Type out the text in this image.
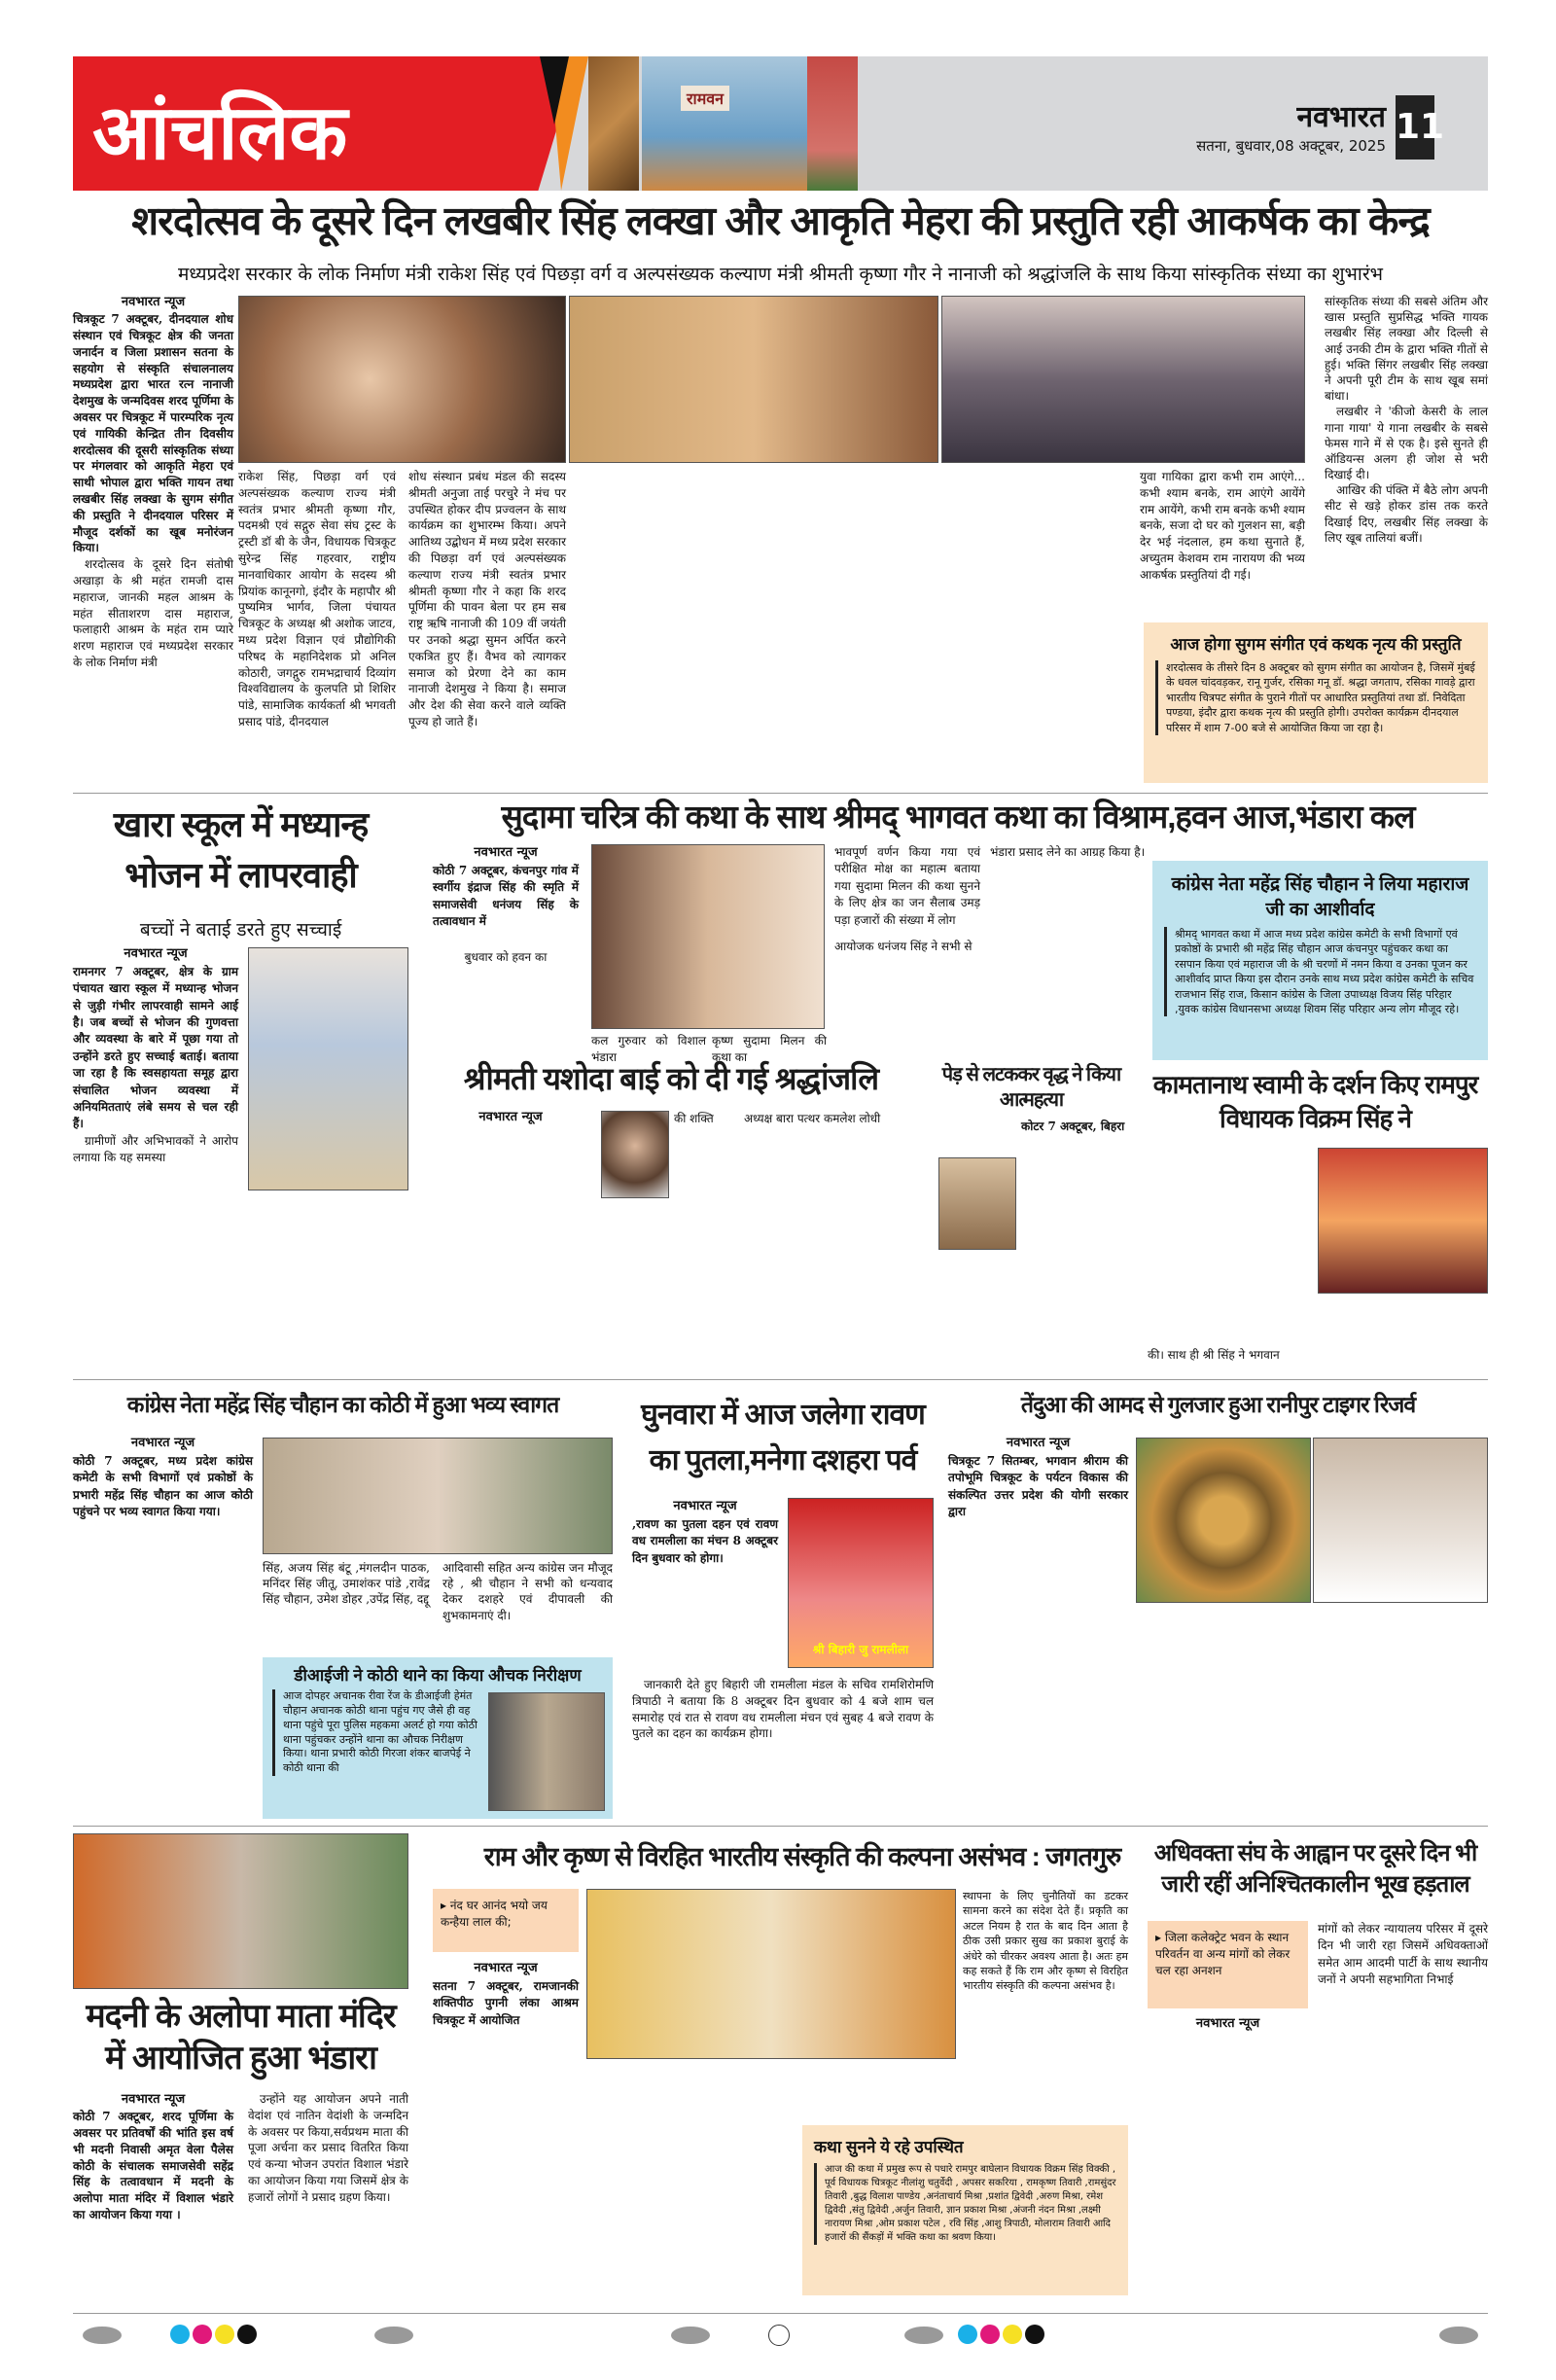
आंचलिक	रामवन
नवभारत
सतना, बुधवार,08 अक्टूबर, 2025 11
शरदोत्सव के दूसरे दिन लखबीर सिंह लक्खा और आकृति मेहरा की प्रस्तुति रही आकर्षक का केन्द्र
मध्यप्रदेश सरकार के लोक निर्माण मंत्री राकेश सिंह एवं पिछड़ा वर्ग व अल्पसंख्यक कल्याण मंत्री श्रीमती कृष्णा गौर ने नानाजी को श्रद्धांजलि के साथ किया सांस्कृतिक संध्या का शुभारंभ
नवभारत न्यूज

चित्रकूट 7 अक्टूबर, दीनदयाल शोध संस्थान एवं चित्रकूट क्षेत्र की जनता जनार्दन व जिला प्रशासन सतना के सहयोग से संस्कृति संचालनालय मध्यप्रदेश द्वारा भारत रत्न नानाजी देशमुख के जन्मदिवस शरद पूर्णिमा के अवसर पर चित्रकूट में पारम्परिक नृत्य एवं गायिकी केन्द्रित तीन दिवसीय शरदोत्सव की दूसरी सांस्कृतिक संध्या पर मंगलवार को आकृति मेहरा एवं साथी भोपाल द्वारा भक्ति गायन तथा लखबीर सिंह लक्खा के सुगम संगीत की प्रस्तुति ने दीनदयाल परिसर में मौजूद दर्शकों का खूब मनोरंजन किया।

शरदोत्सव के दूसरे दिन संतोषी अखाड़ा के श्री महंत रामजी दास महाराज, जानकी महल आश्रम के महंत सीताशरण दास महाराज, फलाहारी आश्रम के महंत राम प्यारे शरण महाराज एवं मध्यप्रदेश सरकार के लोक निर्माण मंत्री

राकेश सिंह, पिछड़ा वर्ग एवं अल्पसंख्यक कल्याण राज्य मंत्री स्वतंत्र प्रभार श्रीमती कृष्णा गौर, पदमश्री एवं सद्गुरु सेवा संघ ट्रस्ट के ट्रस्टी डॉ बी के जैन, विधायक चित्रकूट सुरेन्द्र सिंह गहरवार, राष्ट्रीय मानवाधिकार आयोग के सदस्य श्री प्रियांक कानूनगो, इंदौर के महापौर श्री पुष्यमित्र भार्गव, जिला पंचायत चित्रकूट के अध्यक्ष श्री अशोक जाटव, मध्य प्रदेश विज्ञान एवं प्रौद्योगिकी परिषद के महानिदेशक प्रो अनिल कोठारी, जगद्गुरु रामभद्राचार्य दिव्यांग विश्वविद्यालय के कुलपति प्रो शिशिर पांडे, सामाजिक कार्यकर्ता श्री भगवती प्रसाद पांडे, दीनदयाल

शोध संस्थान प्रबंध मंडल की सदस्य श्रीमती अनुजा ताई परचुरे ने मंच पर उपस्थित होकर दीप प्रज्वलन के साथ कार्यक्रम का शुभारम्भ किया। अपने आतिथ्य उद्बोधन में मध्य प्रदेश सरकार की पिछड़ा वर्ग एवं अल्पसंख्यक कल्याण राज्य मंत्री स्वतंत्र प्रभार श्रीमती कृष्णा गौर ने कहा कि शरद पूर्णिमा की पावन बेला पर हम सब राष्ट्र ऋषि नानाजी की 109 वीं जयंती पर उनको श्रद्धा सुमन अर्पित करने एकत्रित हुए हैं। वैभव को त्यागकर समाज को प्रेरणा देने का काम नानाजी देशमुख ने किया है। समाज और देश की सेवा करने वाले व्यक्ति पूज्य हो जाते हैं।

युवा गायिका द्वारा कभी राम आएंगे... कभी श्याम बनके, राम आएंगे आयेंगे राम आयेंगे, कभी राम बनके कभी श्याम बनके, सजा दो घर को गुलशन सा, बड़ी देर भई नंदलाल, हम कथा सुनाते हैं, अच्युतम केशवम राम नारायण की भव्य आकर्षक प्रस्तुतियां दी गई।

सांस्कृतिक संध्या की सबसे अंतिम और खास प्रस्तुति सुप्रसिद्ध भक्ति गायक लखबीर सिंह लक्खा और दिल्ली से आई उनकी टीम के द्वारा भक्ति गीतों से हुई। भक्ति सिंगर लखबीर सिंह लक्खा ने अपनी पूरी टीम के साथ खूब समां बांधा।

लखबीर ने 'कीजो केसरी के लाल गाना गाया' ये गाना लखबीर के सबसे फेमस गाने में से एक है। इसे सुनते ही ऑडियन्स अलग ही जोश से भरी दिखाई दी।

आखिर की पंक्ति में बैठे लोग अपनी सीट से खड़े होकर डांस तक करते दिखाई दिए, लखबीर सिंह लक्खा के लिए खूब तालियां बजीं।

आज होगा सुगम संगीत एवं कथक नृत्य की प्रस्तुति
शरदोत्सव के तीसरे दिन 8 अक्टूबर को सुगम संगीत का आयोजन है, जिसमें मुंबई के धवल चांदवड़कर, रानू गुर्जर, रसिका गनू डॉ. श्रद्धा जगताप, रसिका गावड़े द्वारा भारतीय चित्रपट संगीत के पुराने गीतों पर आधारित प्रस्तुतियां तथा डॉ. निवेदिता पण्डया, इंदौर द्वारा कथक नृत्य की प्रस्तुति होगी। उपरोक्त कार्यक्रम दीनदयाल परिसर में शाम 7-00 बजे से आयोजित किया जा रहा है।
खारा स्कूल में मध्यान्ह भोजन में लापरवाही
बच्चों ने बताई डरते हुए सच्चाई
नवभारत न्यूज

रामनगर 7 अक्टूबर, क्षेत्र के ग्राम पंचायत खारा स्कूल में मध्यान्ह भोजन से जुड़ी गंभीर लापरवाही सामने आई है। जब बच्चों से भोजन की गुणवत्ता और व्यवस्था के बारे में पूछा गया तो उन्होंने डरते हुए सच्चाई बताई। बताया जा रहा है कि स्वसहायता समूह द्वारा संचालित भोजन व्यवस्था में अनियमितताएं लंबे समय से चल रही हैं।

ग्रामीणों और अभिभावकों ने आरोप लगाया कि यह समस्या

सुदामा चरित्र की कथा के साथ श्रीमद् भागवत कथा का विश्राम,हवन आज,भंडारा कल
नवभारत न्यूज

कोठी 7 अक्टूबर, कंचनपुर गांव में स्वर्गीय इंद्राज सिंह की स्मृति में समाजसेवी धनंजय सिंह के तत्वावधान में

बुधवार को हवन का

कल गुरुवार को विशाल भंडारा
कृष्ण सुदामा मिलन की कथा का

भावपूर्ण वर्णन किया गया एवं परीक्षित मोक्ष का महात्म बताया गया सुदामा मिलन की कथा सुनने के लिए क्षेत्र का जन सैलाब उमड़ पड़ा हजारों की संख्या में लोग

आयोजक धनंजय सिंह ने सभी से

भंडारा प्रसाद लेने का आग्रह किया है।
कांग्रेस नेता महेंद्र सिंह चौहान ने लिया महाराज जी का आशीर्वाद
श्रीमद् भागवत कथा में आज मध्य प्रदेश कांग्रेस कमेटी के सभी विभागों एवं प्रकोष्ठों के प्रभारी श्री महेंद्र सिंह चौहान आज कंचनपुर पहुंचकर कथा का रसपान किया एवं महाराज जी के श्री चरणों में नमन किया व उनका पूजन कर आशीर्वाद प्राप्त किया इस दौरान उनके साथ मध्य प्रदेश कांग्रेस कमेटी के सचिव राजभान सिंह राज, किसान कांग्रेस के जिला उपाध्यक्ष विजय सिंह परिहार ,युवक कांग्रेस विधानसभा अध्यक्ष शिवम सिंह परिहार अन्य लोग मौजूद रहे।
श्रीमती यशोदा बाई को दी गई श्रद्धांजलि
नवभारत न्यूज	की शक्ति	अध्यक्ष बारा पत्थर कमलेश लोधी
पेड़ से लटककर वृद्ध ने किया आत्महत्या
कोटर 7 अक्टूबर, बिहरा
कामतानाथ स्वामी के दर्शन किए रामपुर विधायक विक्रम सिंह ने
की। साथ ही श्री सिंह ने भगवान
कांग्रेस नेता महेंद्र सिंह चौहान का कोठी में हुआ भव्य स्वागत
नवभारत न्यूज

कोठी 7 अक्टूबर, मध्य प्रदेश कांग्रेस कमेटी के सभी विभागों एवं प्रकोष्ठों के प्रभारी महेंद्र सिंह चौहान का आज कोठी पहुंचने पर भव्य स्वागत किया गया।

सिंह, अजय सिंह बंटू ,मंगलदीन पाठक, मनिंदर सिंह जीतू, उमाशंकर पांडे ,रावेंद्र सिंह चौहान, उमेश डोहर ,उपेंद्र सिंह, दद्दू
आदिवासी सहित अन्य कांग्रेस जन मौजूद रहे , श्री चौहान ने सभी को धन्यवाद देकर दशहरे एवं दीपावली की शुभकामनाएं दी।
डीआईजी ने कोठी थाने का किया औचक निरीक्षण
आज दोपहर अचानक रीवा रेंज के डीआईजी हेमंत चौहान अचानक कोठी थाना पहुंच गए जैसे ही वह थाना पहुंचे पूरा पुलिस महकमा अलर्ट हो गया कोठी थाना पहुंचकर उन्होंने थाना का औचक निरीक्षण किया। थाना प्रभारी कोठी गिरजा शंकर बाजपेई ने कोठी थाना की
घुनवारा में आज जलेगा रावण का पुतला,मनेगा दशहरा पर्व
नवभारत न्यूज

,रावण का पुतला दहन एवं रावण वध रामलीला का मंचन 8 अक्टूबर दिन बुधवार को होगा।

श्री बिहारी जु रामलीला

जानकारी देते हुए बिहारी जी रामलीला मंडल के सचिव रामशिरोमणि त्रिपाठी ने बताया कि 8 अक्टूबर दिन बुधवार को 4 बजे शाम चल समारोह एवं रात से रावण वध रामलीला मंचन एवं सुबह 4 बजे रावण के पुतले का दहन का कार्यक्रम होगा।

तेंदुआ की आमद से गुलजार हुआ रानीपुर टाइगर रिजर्व
नवभारत न्यूज

चित्रकूट 7 सितम्बर, भगवान श्रीराम की तपोभूमि चित्रकूट के पर्यटन विकास की संकल्पित उत्तर प्रदेश की योगी सरकार द्वारा

मदनी के अलोपा माता मंदिर में आयोजित हुआ भंडारा
नवभारत न्यूज

कोठी 7 अक्टूबर, शरद पूर्णिमा के अवसर पर प्रतिवर्षों की भांति इस वर्ष भी मदनी निवासी अमृत वेला पैलेस कोठी के संचालक समाजसेवी सहेंद्र सिंह के तत्वावधान में मदनी के अलोपा माता मंदिर में विशाल भंडारे का आयोजन किया गया ।

उन्होंने यह आयोजन अपने नाती वेदांश एवं नातिन वेदांशी के जन्मदिन के अवसर पर किया,सर्वप्रथम माता की पूजा अर्चना कर प्रसाद वितरित किया एवं कन्या भोजन उपरांत विशाल भंडारे का आयोजन किया गया जिसमें क्षेत्र के हजारों लोगों ने प्रसाद ग्रहण किया।

राम और कृष्ण से विरहित भारतीय संस्कृति की कल्पना असंभव : जगतगुरु
▸ नंद घर आनंद भयो जय कन्हैया लाल की;
नवभारत न्यूज

सतना 7 अक्टूबर, रामजानकी शक्तिपीठ पुगनी लंका आश्रम चित्रकूट में आयोजित

स्थापना के लिए चुनौतियों का डटकर सामना करने का संदेश देते हैं। प्रकृति का अटल नियम है रात के बाद दिन आता है ठीक उसी प्रकार सुख का प्रकाश बुराई के अंधेरे को चीरकर अवश्य आता है। अतः हम कह सकते हैं कि राम और कृष्ण से विरहित भारतीय संस्कृति की कल्पना असंभव है।
कथा सुनने ये रहे उपस्थित
आज की कथा में प्रमुख रूप से पधारे रामपुर बाघेलान विधायक विक्रम सिंह विक्की , पूर्व विधायक चित्रकूट नीलांशु चतुर्वेदी , अपसर सकरिया , रामकृष्ण तिवारी ,रामसुंदर तिवारी ,बुद्ध विलाश पाण्डेय ,अनंताचार्य मिश्रा ,प्रशांत द्विवेदी ,अरुण मिश्रा, रमेश द्विवेदी ,संतु द्विवेदी ,अर्जुन तिवारी, ज्ञान प्रकाश मिश्रा ,अंजनी नंदन मिश्रा ,लक्ष्मी नारायण मिश्रा ,ओम प्रकाश पटेल , रवि सिंह ,आशु त्रिपाठी, मोलाराम तिवारी आदि हजारों की सैंकड़ों में भक्ति कथा का श्रवण किया।
अधिवक्ता संघ के आह्वान पर दूसरे दिन भी जारी रहीं अनिश्चितकालीन भूख हड़ताल
▸ जिला कलेक्ट्रेट भवन के स्थान परिवर्तन वा अन्य मांगों को लेकर चल रहा अनशन
नवभारत न्यूज
मांगों को लेकर न्यायालय परिसर में दूसरे दिन भी जारी रहा जिसमें अधिवक्ताओं समेत आम आदमी पार्टी के साथ स्थानीय जनों ने अपनी सहभागिता निभाई
